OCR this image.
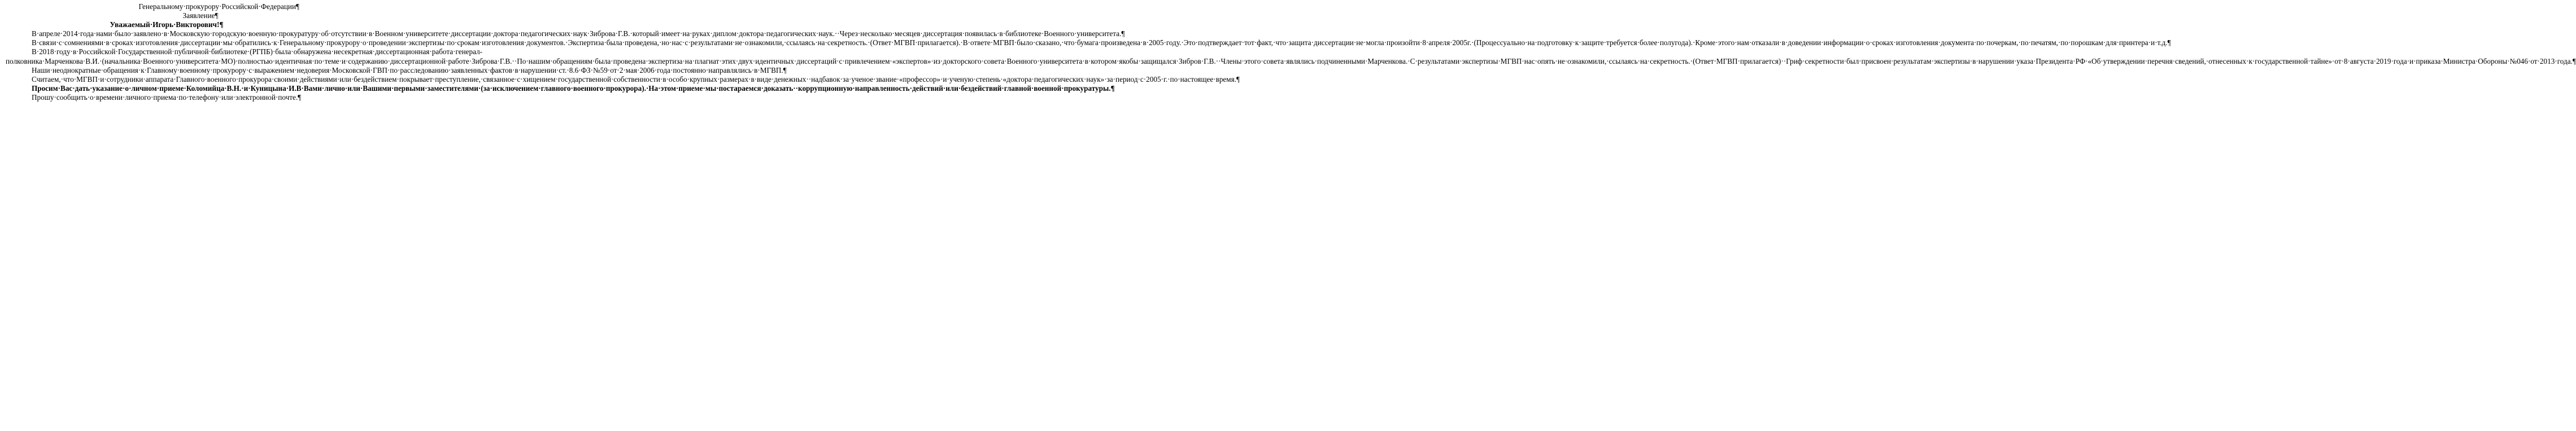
Генеральному·прокурору·Российской·Федерации¶

Заявление¶

Уважаемый·Игорь·Викторович!¶

В·апреле·2014·года·нами·было·заявлено·в·Московскую·городскую·военную·прокуратуру·об·отсутствии·в·Военном·университете·диссертации·доктора·педагогических·наук·Зиброва·Г.В.·который·имеет·на·руках·диплом·доктора·педагогических·наук.··Через·несколько·месяцев·диссертация·появилась·в·библиотеке·Военного·университета.¶

В·связи·с·сомнениями·в·сроках·изготовления·диссертации·мы·обратились·к·Генеральному·прокурору·о·проведении·экспертизы·по·срокам·изготовления·документов.·Экспертиза·была·проведена,·но·нас·с·результатами·не·ознакомили,·ссылаясь·на·секретность.·(Ответ·МГВП·прилагается).·В·ответе·МГВП·было·сказано,·что·бумага·произведена·в·2005·году.·Это·подтверждает·тот·факт,·что·защита·диссертации·не·могла·произойти·8·апреля·2005г.·(Процессуально·на·подготовку·к·защите·требуется·более·полугода).·Кроме·этого·нам·отказали·в·доведении·информации·о·сроках·изготовления·документа·по·почеркам,·по·печатям,·по·порошкам·для·принтера·и·т.д.¶

В·2018·году·в·Российской·Государственной·публичной·библиотеке·(РГПБ)·была·обнаружена·несекретная·диссертационная·работа·генерал-полковника·Марченкова·В.И.·(начальника·Военного·университета·МО)·полностью·идентичная·по·теме·и·содержанию·диссертационной·работе·Зиброва·Г.В.··По·нашим·обращениям·была·проведена·экспертиза·на·плагиат·этих·двух·идентичных·диссертаций·с·привлечением·«экспертов»·из·докторского·совета·Военного·университета·в·котором·якобы·защищался·Зибров·Г.В.··Члены·этого·совета·являлись·подчиненными·Марченкова.·С·результатами·экспертизы·МГВП·нас·опять·не·ознакомили,·ссылаясь·на·секретность.·(Ответ·МГВП·прилагается)··Гриф·секретности·был·присвоен·результатам·экспертизы·в·нарушении·указа·Президента·РФ·«Об·утверждении·перечня·сведений,·отнесенных·к·государственной·тайне»·от·8·августа·2019·года·и·приказа·Министра·Обороны·№046·от·2013·года.¶

Наши·неоднократные·обращения·к·Главному·военному·прокурору·с·выражением·недоверия·Московской·ГВП·по·расследованию·заявленных·фактов·в·нарушении·ст.·8.6·ФЗ·№59·от·2·мая·2006·года·постоянно·направлялись·в·МГВП.¶

Считаем,·что·МГВП·и·сотрудники·аппарата·Главного·военного·прокурора·своими·действиями·или·бездействием·покрывает·преступление,·связанное·с·хищением·государственной·собственности·в·особо·крупных·размерах·в·виде·денежных··надбавок·за·ученое·звание·«профессор»·и·ученую·степень·«доктора·педагогических·наук»·за·период·с·2005·г.·по·настоящее·время.¶

Просим·Вас·дать·указание·о·личном·приеме·Коломийца·В.Н.·и·Куницына·И.В·Вами·лично·или·Вашими·первыми·заместителями·(за·исключением·главного·военного·прокурора).·На·этом·приеме·мы·постараемся·доказать··коррупционную·направленность·действий·или·бездействий·главной·военной·прокуратуры.¶

Прошу·сообщить·о·времени·личного·приема·по·телефону·или·электронной·почте.¶
